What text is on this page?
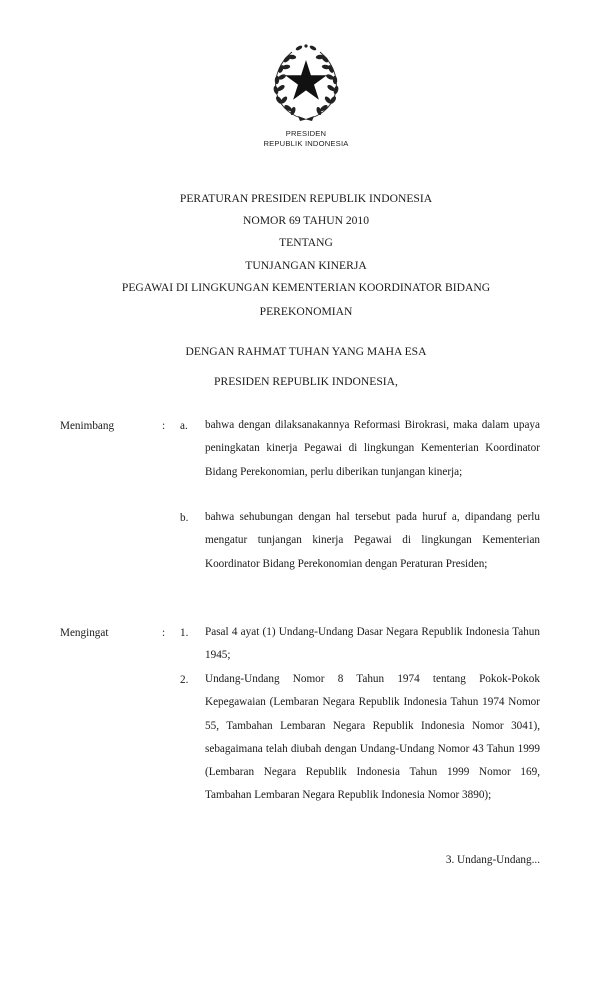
PRESIDEN
REPUBLIK INDONESIA
PERATURAN PRESIDEN REPUBLIK INDONESIA
NOMOR 69 TAHUN 2010
TENTANG
TUNJANGAN KINERJA
PEGAWAI DI LINGKUNGAN KEMENTERIAN KOORDINATOR BIDANG
PEREKONOMIAN
DENGAN RAHMAT TUHAN YANG MAHA ESA
PRESIDEN REPUBLIK INDONESIA,
Menimbang	: a. bahwa dengan dilaksanakannya Reformasi Birokrasi, maka dalam upaya peningkatan kinerja Pegawai di lingkungan Kementerian Koordinator Bidang Perekonomian, perlu diberikan tunjangan kinerja;

b. bahwa sehubungan dengan hal tersebut pada huruf a, dipandang perlu mengatur tunjangan kinerja Pegawai di lingkungan Kementerian Koordinator Bidang Perekonomian dengan Peraturan Presiden;

Mengingat	: 1. Pasal 4 ayat (1) Undang-Undang Dasar Negara Republik Indonesia Tahun 1945;

2. Undang-Undang Nomor 8 Tahun 1974 tentang Pokok-Pokok Kepegawaian (Lembaran Negara Republik Indonesia Tahun 1974 Nomor 55, Tambahan Lembaran Negara Republik Indonesia Nomor 3041), sebagaimana telah diubah dengan Undang-Undang Nomor 43 Tahun 1999 (Lembaran Negara Republik Indonesia Tahun 1999 Nomor 169, Tambahan Lembaran Negara Republik Indonesia Nomor 3890);

3. Undang-Undang...
